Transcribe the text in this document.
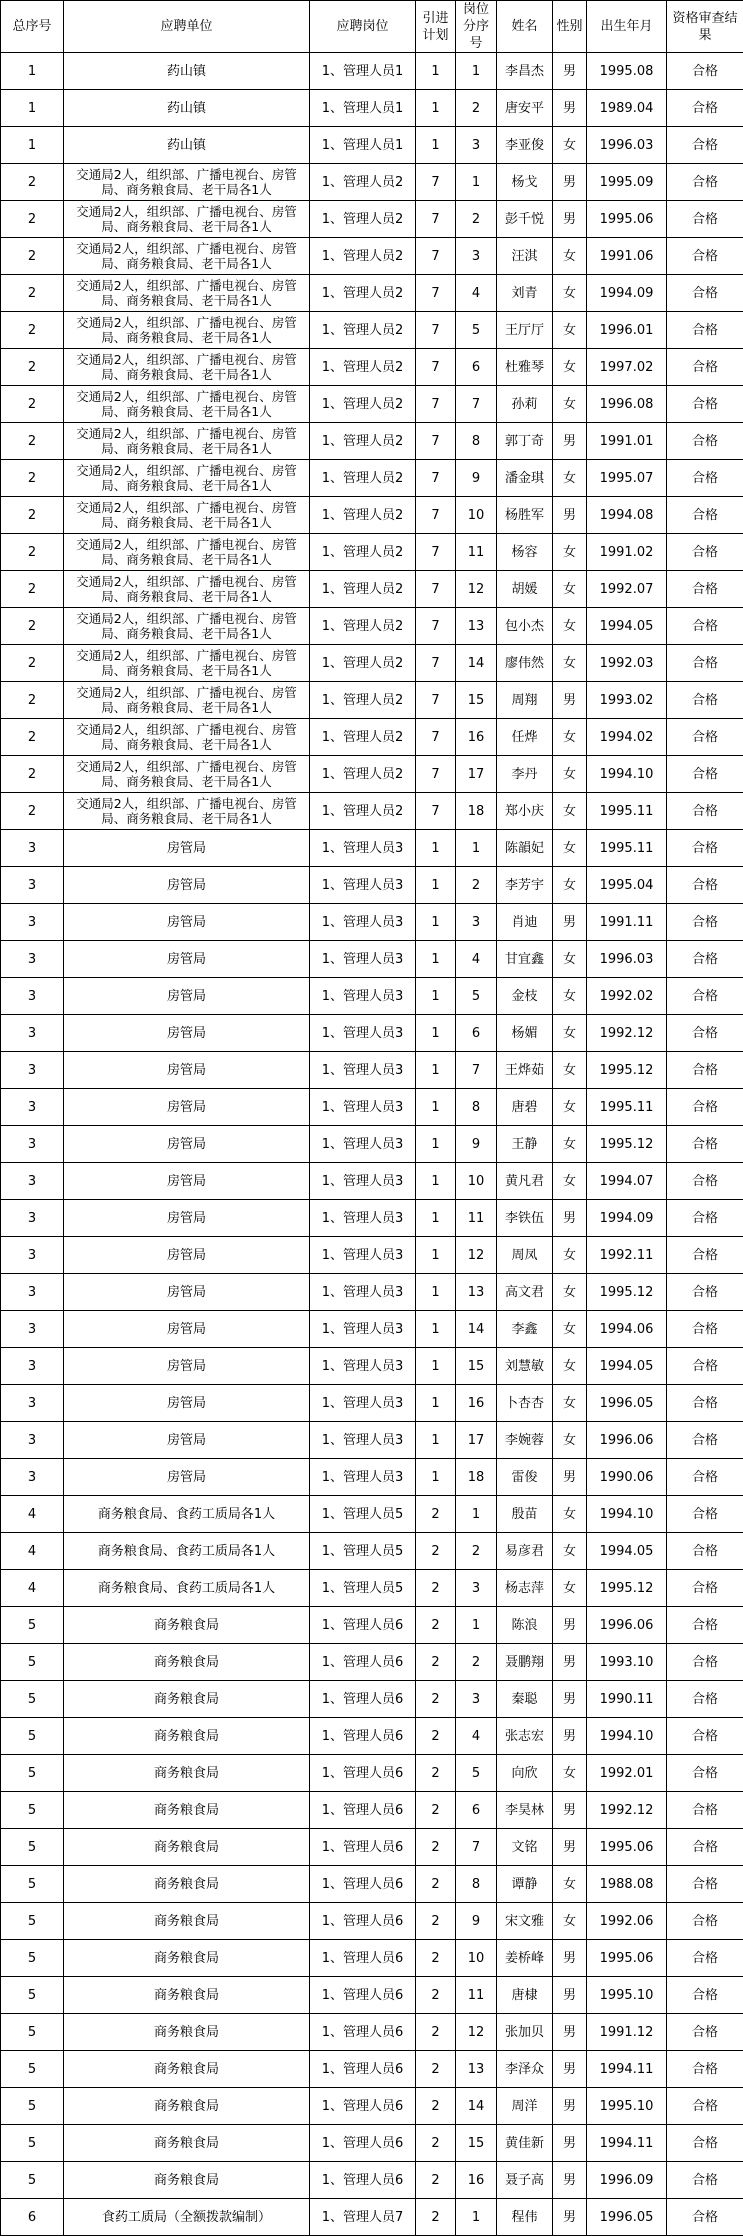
总序号	应聘单位	应聘岗位	引进计划	岗位分序号	姓名	性别	出生年月	资格审查结果
1	药山镇	1、管理人员1	1	1	李昌杰	男	1995.08	合格
1	药山镇	1、管理人员1	1	2	唐安平	男	1989.04	合格
1	药山镇	1、管理人员1	1	3	李亚俊	女	1996.03	合格
2	交通局2人，组织部、广播电视台、房管局、商务粮食局、老干局各1人	1、管理人员2	7	1	杨戈	男	1995.09	合格
2	交通局2人，组织部、广播电视台、房管局、商务粮食局、老干局各1人	1、管理人员2	7	2	彭千悦	男	1995.06	合格
2	交通局2人，组织部、广播电视台、房管局、商务粮食局、老干局各1人	1、管理人员2	7	3	汪淇	女	1991.06	合格
2	交通局2人，组织部、广播电视台、房管局、商务粮食局、老干局各1人	1、管理人员2	7	4	刘青	女	1994.09	合格
2	交通局2人，组织部、广播电视台、房管局、商务粮食局、老干局各1人	1、管理人员2	7	5	王厅厅	女	1996.01	合格
2	交通局2人，组织部、广播电视台、房管局、商务粮食局、老干局各1人	1、管理人员2	7	6	杜雅琴	女	1997.02	合格
2	交通局2人，组织部、广播电视台、房管局、商务粮食局、老干局各1人	1、管理人员2	7	7	孙莉	女	1996.08	合格
2	交通局2人，组织部、广播电视台、房管局、商务粮食局、老干局各1人	1、管理人员2	7	8	郭丁奇	男	1991.01	合格
2	交通局2人，组织部、广播电视台、房管局、商务粮食局、老干局各1人	1、管理人员2	7	9	潘金琪	女	1995.07	合格
2	交通局2人，组织部、广播电视台、房管局、商务粮食局、老干局各1人	1、管理人员2	7	10	杨胜军	男	1994.08	合格
2	交通局2人，组织部、广播电视台、房管局、商务粮食局、老干局各1人	1、管理人员2	7	11	杨容	女	1991.02	合格
2	交通局2人，组织部、广播电视台、房管局、商务粮食局、老干局各1人	1、管理人员2	7	12	胡媛	女	1992.07	合格
2	交通局2人，组织部、广播电视台、房管局、商务粮食局、老干局各1人	1、管理人员2	7	13	包小杰	女	1994.05	合格
2	交通局2人，组织部、广播电视台、房管局、商务粮食局、老干局各1人	1、管理人员2	7	14	廖伟然	女	1992.03	合格
2	交通局2人，组织部、广播电视台、房管局、商务粮食局、老干局各1人	1、管理人员2	7	15	周翔	男	1993.02	合格
2	交通局2人，组织部、广播电视台、房管局、商务粮食局、老干局各1人	1、管理人员2	7	16	任烨	女	1994.02	合格
2	交通局2人，组织部、广播电视台、房管局、商务粮食局、老干局各1人	1、管理人员2	7	17	李丹	女	1994.10	合格
2	交通局2人，组织部、广播电视台、房管局、商务粮食局、老干局各1人	1、管理人员2	7	18	郑小庆	女	1995.11	合格
3	房管局	1、管理人员3	1	1	陈韻妃	女	1995.11	合格
3	房管局	1、管理人员3	1	2	李芳宇	女	1995.04	合格
3	房管局	1、管理人员3	1	3	肖迪	男	1991.11	合格
3	房管局	1、管理人员3	1	4	甘宜鑫	女	1996.03	合格
3	房管局	1、管理人员3	1	5	金枝	女	1992.02	合格
3	房管局	1、管理人员3	1	6	杨媚	女	1992.12	合格
3	房管局	1、管理人员3	1	7	王烨茹	女	1995.12	合格
3	房管局	1、管理人员3	1	8	唐碧	女	1995.11	合格
3	房管局	1、管理人员3	1	9	王静	女	1995.12	合格
3	房管局	1、管理人员3	1	10	黄凡君	女	1994.07	合格
3	房管局	1、管理人员3	1	11	李铁伍	男	1994.09	合格
3	房管局	1、管理人员3	1	12	周凤	女	1992.11	合格
3	房管局	1、管理人员3	1	13	高文君	女	1995.12	合格
3	房管局	1、管理人员3	1	14	李鑫	女	1994.06	合格
3	房管局	1、管理人员3	1	15	刘慧敏	女	1994.05	合格
3	房管局	1、管理人员3	1	16	卜杏杏	女	1996.05	合格
3	房管局	1、管理人员3	1	17	李婉蓉	女	1996.06	合格
3	房管局	1、管理人员3	1	18	雷俊	男	1990.06	合格
4	商务粮食局、食药工质局各1人	1、管理人员5	2	1	殷苗	女	1994.10	合格
4	商务粮食局、食药工质局各1人	1、管理人员5	2	2	易彦君	女	1994.05	合格
4	商务粮食局、食药工质局各1人	1、管理人员5	2	3	杨志萍	女	1995.12	合格
5	商务粮食局	1、管理人员6	2	1	陈浪	男	1996.06	合格
5	商务粮食局	1、管理人员6	2	2	聂鹏翔	男	1993.10	合格
5	商务粮食局	1、管理人员6	2	3	秦聪	男	1990.11	合格
5	商务粮食局	1、管理人员6	2	4	张志宏	男	1994.10	合格
5	商务粮食局	1、管理人员6	2	5	向欣	女	1992.01	合格
5	商务粮食局	1、管理人员6	2	6	李昊林	男	1992.12	合格
5	商务粮食局	1、管理人员6	2	7	文铭	男	1995.06	合格
5	商务粮食局	1、管理人员6	2	8	谭静	女	1988.08	合格
5	商务粮食局	1、管理人员6	2	9	宋文雅	女	1992.06	合格
5	商务粮食局	1、管理人员6	2	10	姜桥峰	男	1995.06	合格
5	商务粮食局	1、管理人员6	2	11	唐棣	男	1995.10	合格
5	商务粮食局	1、管理人员6	2	12	张加贝	男	1991.12	合格
5	商务粮食局	1、管理人员6	2	13	李泽众	男	1994.11	合格
5	商务粮食局	1、管理人员6	2	14	周洋	男	1995.10	合格
5	商务粮食局	1、管理人员6	2	15	黄佳新	男	1994.11	合格
5	商务粮食局	1、管理人员6	2	16	聂子高	男	1996.09	合格
6	食药工质局（全额拨款编制）	1、管理人员7	2	1	程伟	男	1996.05	合格
